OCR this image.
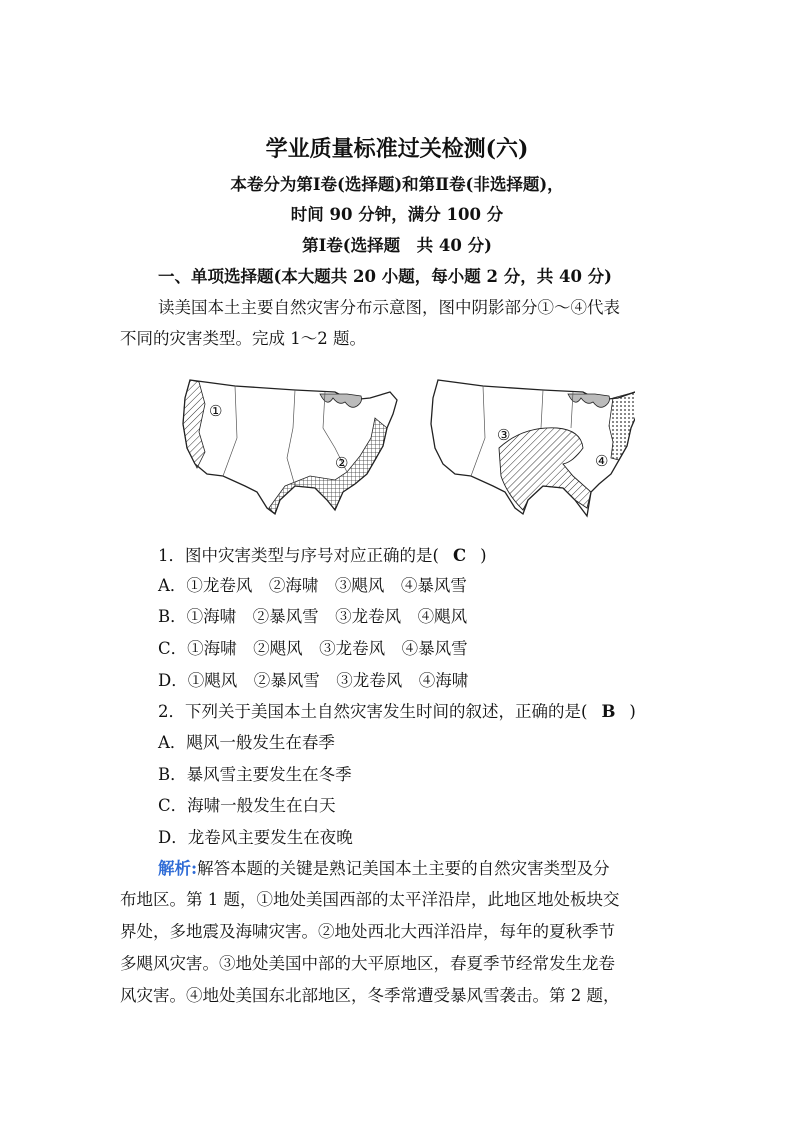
学业质量标准过关检测(六)
本卷分为第Ⅰ卷(选择题)和第Ⅱ卷(非选择题)，
时间 90 分钟，满分 100 分
第Ⅰ卷(选择题　共 40 分)
一、单项选择题(本大题共 20 小题，每小题 2 分，共 40 分)
读美国本土主要自然灾害分布示意图，图中阴影部分①～④代表
不同的灾害类型。完成 1～2 题。
①
②
③
④
1．图中灾害类型与序号对应正确的是( C )
A．①龙卷风　②海啸　③飓风　④暴风雪
B．①海啸　②暴风雪　③龙卷风　④飓风
C．①海啸　②飓风　③龙卷风　④暴风雪
D．①飓风　②暴风雪　③龙卷风　④海啸
2．下列关于美国本土自然灾害发生时间的叙述，正确的是( B )
A．飓风一般发生在春季
B．暴风雪主要发生在冬季
C．海啸一般发生在白天
D．龙卷风主要发生在夜晚
解析:解答本题的关键是熟记美国本土主要的自然灾害类型及分
布地区。第 1 题，①地处美国西部的太平洋沿岸，此地区地处板块交
界处，多地震及海啸灾害。②地处西北大西洋沿岸，每年的夏秋季节
多飓风灾害。③地处美国中部的大平原地区，春夏季节经常发生龙卷
风灾害。④地处美国东北部地区，冬季常遭受暴风雪袭击。第 2 题，
